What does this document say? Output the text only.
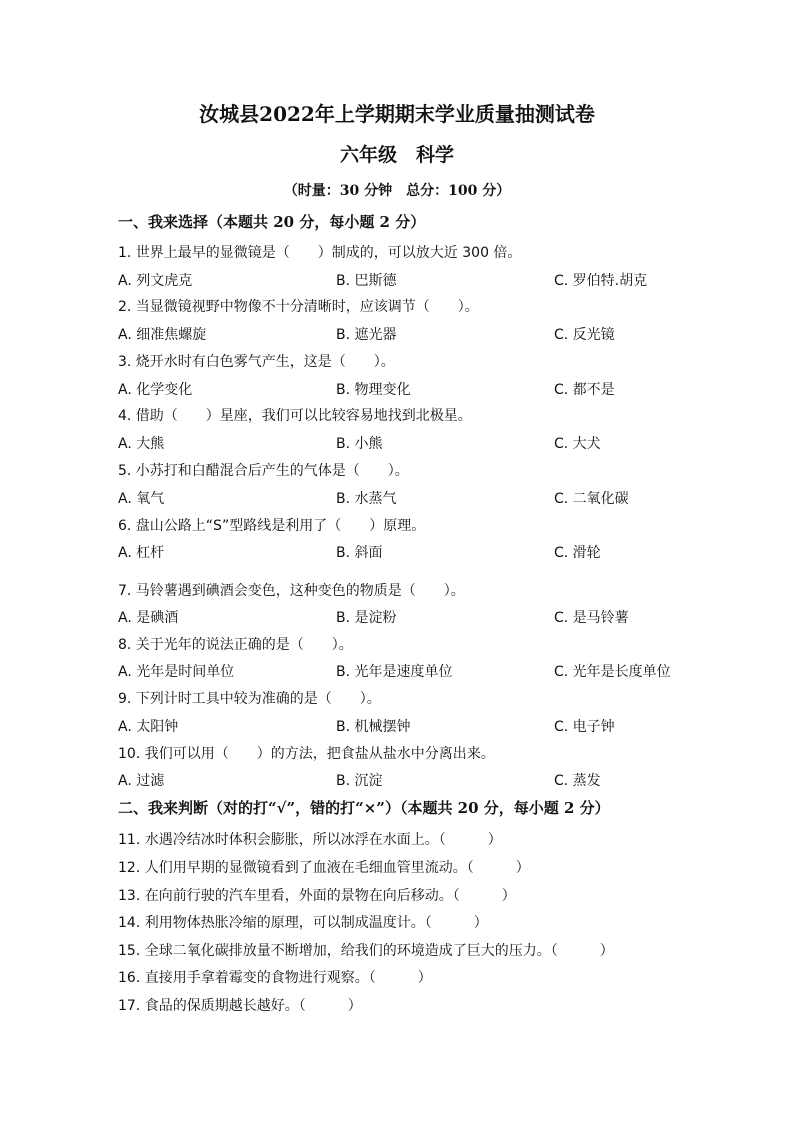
汝城县2022年上学期期末学业质量抽测试卷
六年级　科学
（时量：30 分钟　总分：100 分）
一、我来选择（本题共 20 分，每小题 2 分）
1. 世界上最早的显微镜是（　　）制成的，可以放大近 300 倍。
A. 列文虎克	B. 巴斯德	C. 罗伯特.胡克
2. 当显微镜视野中物像不十分清晰时，应该调节（　　）。
A. 细准焦螺旋	B. 遮光器	C. 反光镜
3. 烧开水时有白色雾气产生，这是（　　）。
A. 化学变化	B. 物理变化	C. 都不是
4. 借助（　　）星座，我们可以比较容易地找到北极星。
A. 大熊	B. 小熊	C. 大犬
5. 小苏打和白醋混合后产生的气体是（　　）。
A. 氧气	B. 水蒸气	C. 二氧化碳
6. 盘山公路上“S”型路线是利用了（　　）原理。
A. 杠杆	B. 斜面	C. 滑轮
7. 马铃薯遇到碘酒会变色，这种变色的物质是（　　）。
A. 是碘酒	B. 是淀粉	C. 是马铃薯
8. 关于光年的说法正确的是（　　）。
A. 光年是时间单位	B. 光年是速度单位	C. 光年是长度单位
9. 下列计时工具中较为准确的是（　　）。
A. 太阳钟	B. 机械摆钟	C. 电子钟
10. 我们可以用（　　）的方法，把食盐从盐水中分离出来。
A. 过滤	B. 沉淀	C. 蒸发
二、我来判断（对的打“√”，错的打“×”）（本题共 20 分，每小题 2 分）
11. 水遇冷结冰时体积会膨胀，所以冰浮在水面上。（　　　）
12. 人们用早期的显微镜看到了血液在毛细血管里流动。（　　　）
13. 在向前行驶的汽车里看，外面的景物在向后移动。（　　　）
14. 利用物体热胀冷缩的原理，可以制成温度计。（　　　）
15. 全球二氧化碳排放量不断增加，给我们的环境造成了巨大的压力。（　　　）
16. 直接用手拿着霉变的食物进行观察。（　　　）
17. 食品的保质期越长越好。（　　　）
